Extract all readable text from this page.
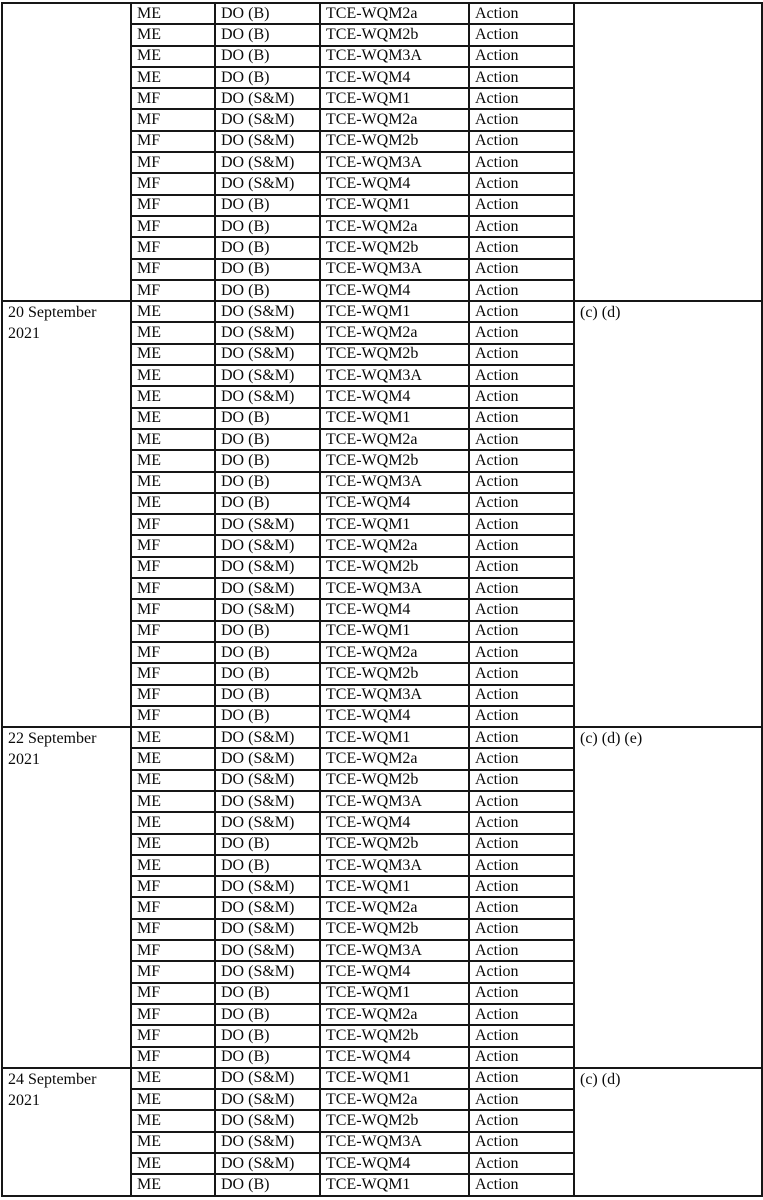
	ME	DO (B)	TCE-WQM2a	Action	
	ME	DO (B)	TCE-WQM2b	Action	
	ME	DO (B)	TCE-WQM3A	Action	
	ME	DO (B)	TCE-WQM4	Action	
	MF	DO (S&M)	TCE-WQM1	Action	
	MF	DO (S&M)	TCE-WQM2a	Action	
	MF	DO (S&M)	TCE-WQM2b	Action	
	MF	DO (S&M)	TCE-WQM3A	Action	
	MF	DO (S&M)	TCE-WQM4	Action	
	MF	DO (B)	TCE-WQM1	Action	
	MF	DO (B)	TCE-WQM2a	Action	
	MF	DO (B)	TCE-WQM2b	Action	
	MF	DO (B)	TCE-WQM3A	Action	
	MF	DO (B)	TCE-WQM4	Action	
20 September 2021	ME	DO (S&M)	TCE-WQM1	Action	(c) (d)
	ME	DO (S&M)	TCE-WQM2a	Action	
	ME	DO (S&M)	TCE-WQM2b	Action	
	ME	DO (S&M)	TCE-WQM3A	Action	
	ME	DO (S&M)	TCE-WQM4	Action	
	ME	DO (B)	TCE-WQM1	Action	
	ME	DO (B)	TCE-WQM2a	Action	
	ME	DO (B)	TCE-WQM2b	Action	
	ME	DO (B)	TCE-WQM3A	Action	
	ME	DO (B)	TCE-WQM4	Action	
	MF	DO (S&M)	TCE-WQM1	Action	
	MF	DO (S&M)	TCE-WQM2a	Action	
	MF	DO (S&M)	TCE-WQM2b	Action	
	MF	DO (S&M)	TCE-WQM3A	Action	
	MF	DO (S&M)	TCE-WQM4	Action	
	MF	DO (B)	TCE-WQM1	Action	
	MF	DO (B)	TCE-WQM2a	Action	
	MF	DO (B)	TCE-WQM2b	Action	
	MF	DO (B)	TCE-WQM3A	Action	
	MF	DO (B)	TCE-WQM4	Action	
22 September 2021	ME	DO (S&M)	TCE-WQM1	Action	(c) (d) (e)
	ME	DO (S&M)	TCE-WQM2a	Action	
	ME	DO (S&M)	TCE-WQM2b	Action	
	ME	DO (S&M)	TCE-WQM3A	Action	
	ME	DO (S&M)	TCE-WQM4	Action	
	ME	DO (B)	TCE-WQM2b	Action	
	ME	DO (B)	TCE-WQM3A	Action	
	MF	DO (S&M)	TCE-WQM1	Action	
	MF	DO (S&M)	TCE-WQM2a	Action	
	MF	DO (S&M)	TCE-WQM2b	Action	
	MF	DO (S&M)	TCE-WQM3A	Action	
	MF	DO (S&M)	TCE-WQM4	Action	
	MF	DO (B)	TCE-WQM1	Action	
	MF	DO (B)	TCE-WQM2a	Action	
	MF	DO (B)	TCE-WQM2b	Action	
	MF	DO (B)	TCE-WQM4	Action	
24 September 2021	ME	DO (S&M)	TCE-WQM1	Action	(c) (d)
	ME	DO (S&M)	TCE-WQM2a	Action	
	ME	DO (S&M)	TCE-WQM2b	Action	
	ME	DO (S&M)	TCE-WQM3A	Action	
	ME	DO (S&M)	TCE-WQM4	Action	
	ME	DO (B)	TCE-WQM1	Action	
